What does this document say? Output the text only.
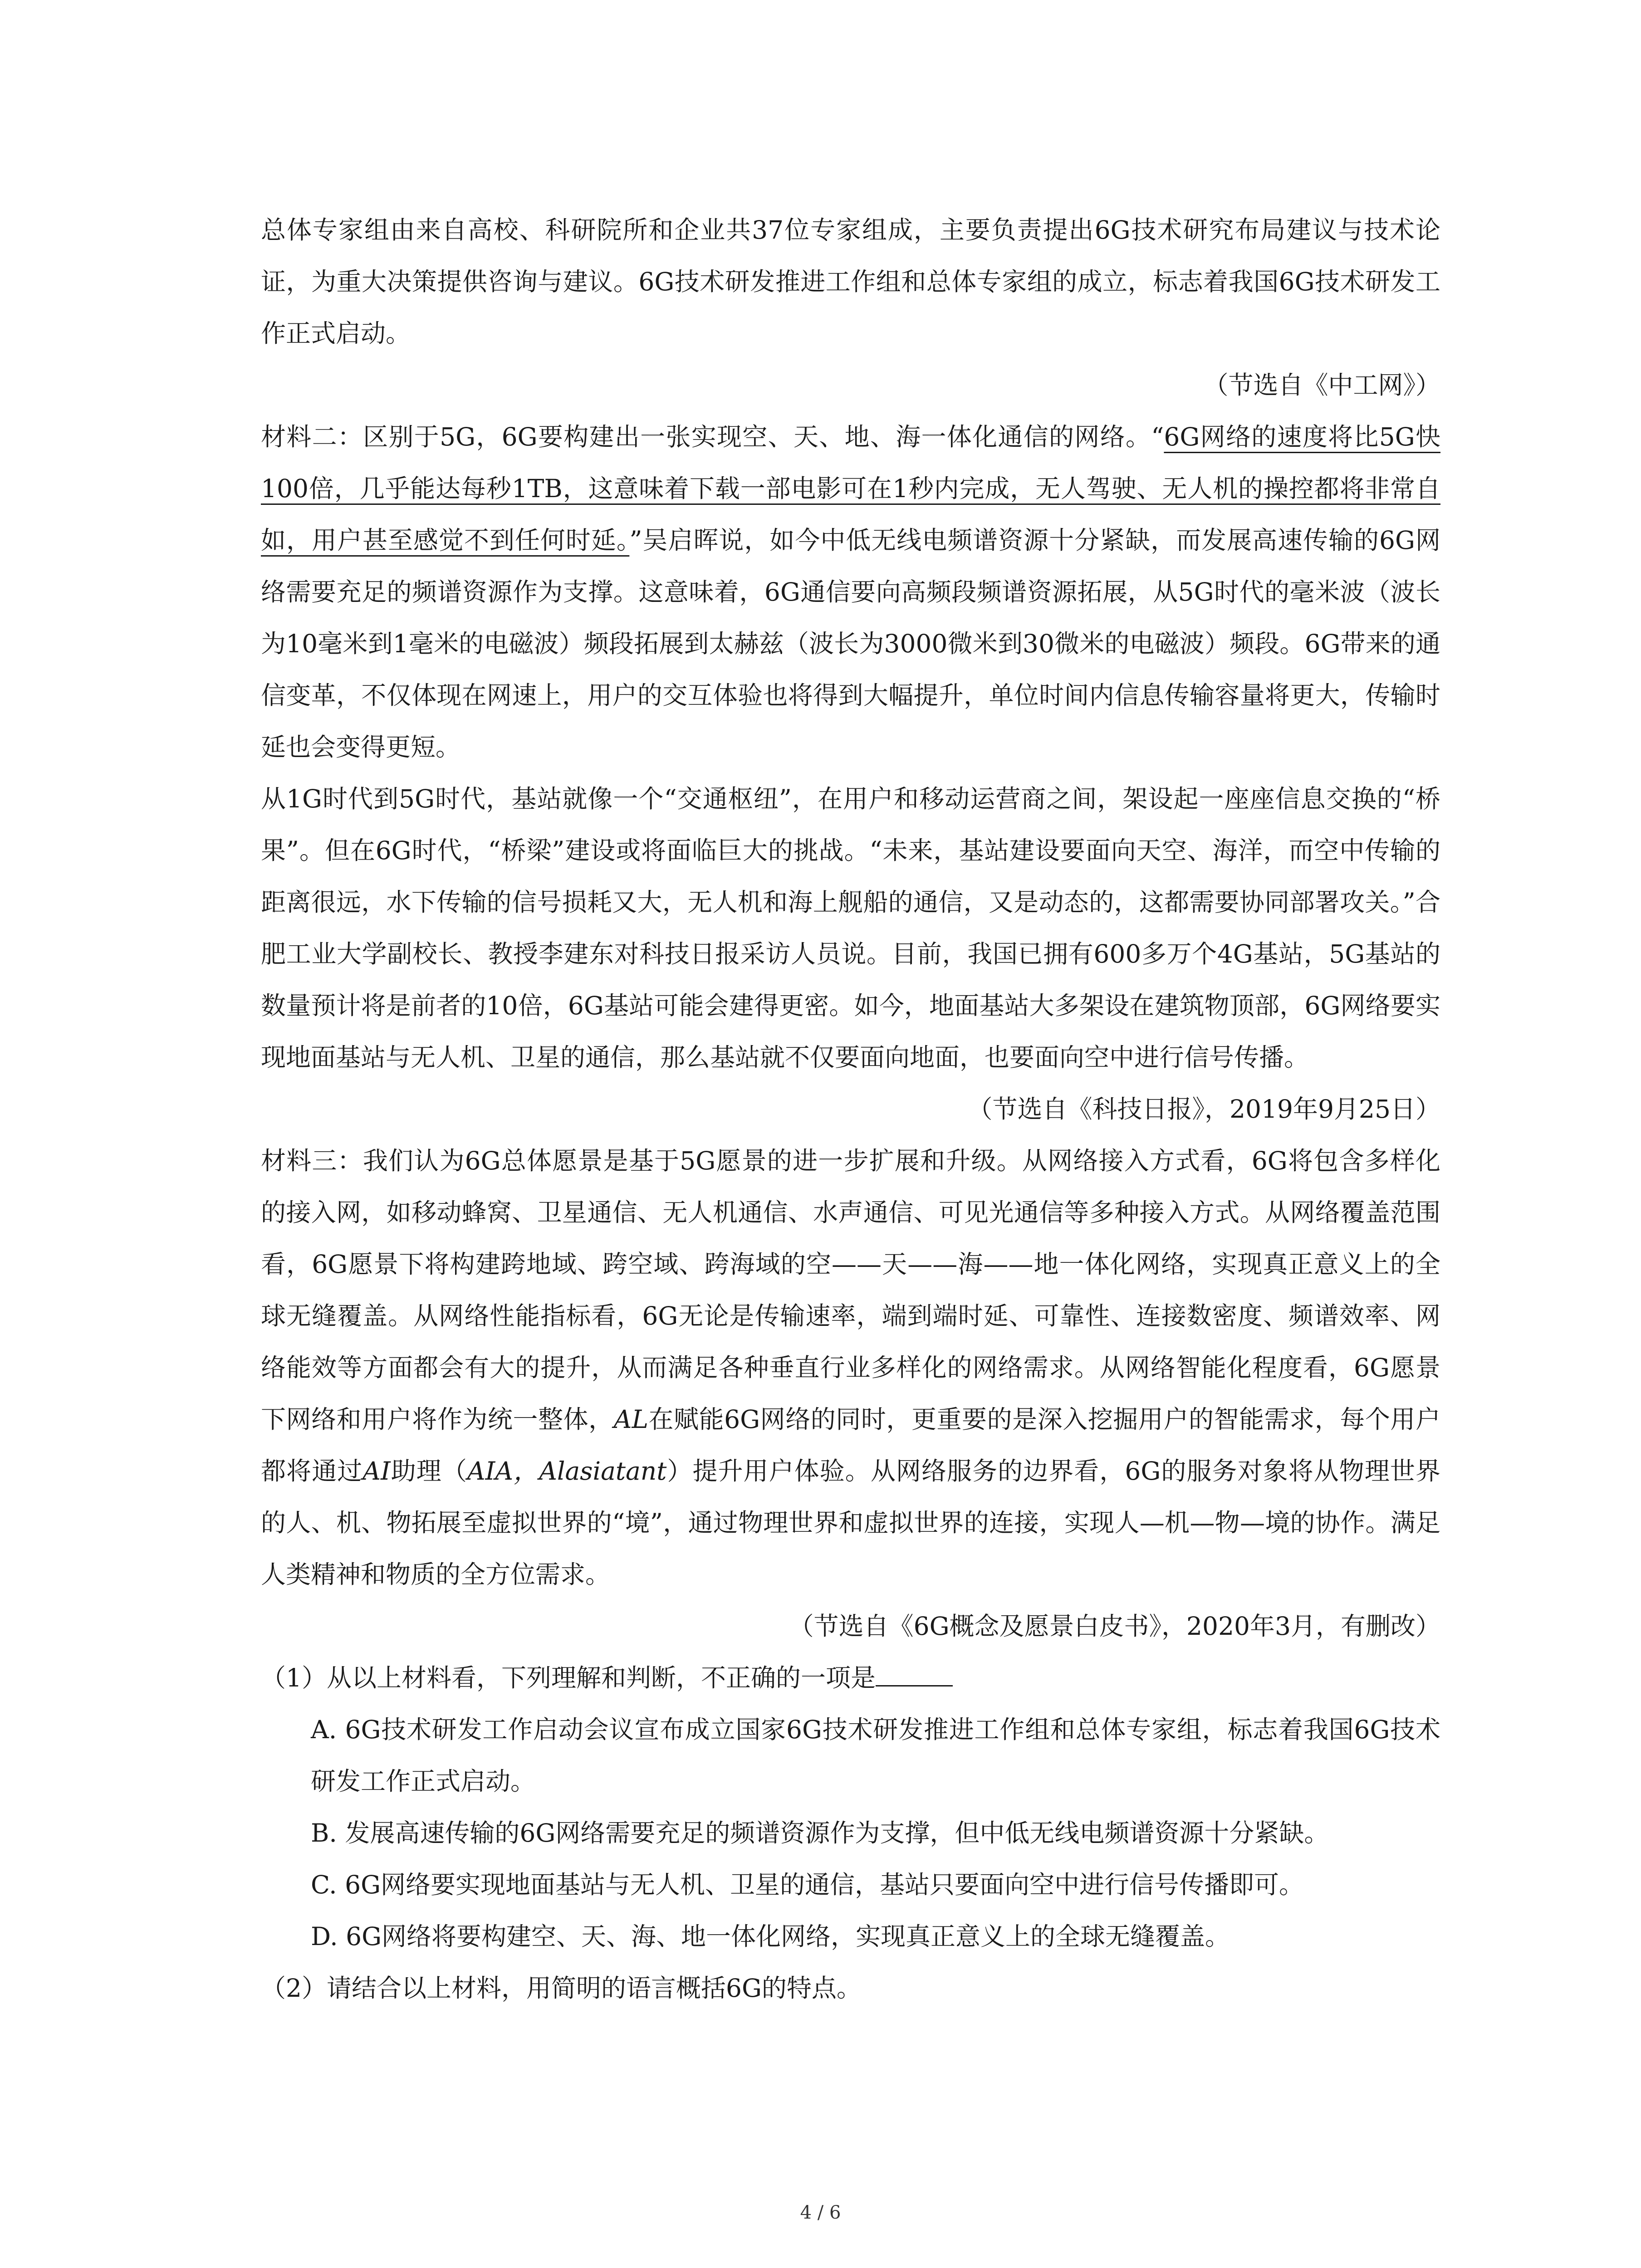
总体专家组由来自高校、科研院所和企业共37位专家组成，主要负责提出6G技术研究布局建议与技术论证，为重大决策提供咨询与建议。6G技术研发推进工作组和总体专家组的成立，标志着我国6G技术研发工作正式启动。

（节选自《中工网》）

材料二：区别于5G，6G要构建出一张实现空、天、地、海一体化通信的网络。“6G网络的速度将比5G快100倍，几乎能达每秒1TB，这意味着下载一部电影可在1秒内完成，无人驾驶、无人机的操控都将非常自如，用户甚至感觉不到任何时延。”吴启晖说，如今中低无线电频谱资源十分紧缺，而发展高速传输的6G网络需要充足的频谱资源作为支撑。这意味着，6G通信要向高频段频谱资源拓展，从5G时代的毫米波（波长为10毫米到1毫米的电磁波）频段拓展到太赫兹（波长为3000微米到30微米的电磁波）频段。6G带来的通信变革，不仅体现在网速上，用户的交互体验也将得到大幅提升，单位时间内信息传输容量将更大，传输时延也会变得更短。

从1G时代到5G时代，基站就像一个“交通枢纽”，在用户和移动运营商之间，架设起一座座信息交换的“桥果”。但在6G时代，“桥梁”建设或将面临巨大的挑战。“未来，基站建设要面向天空、海洋，而空中传输的距离很远，水下传输的信号损耗又大，无人机和海上舰船的通信，又是动态的，这都需要协同部署攻关。”合肥工业大学副校长、教授李建东对科技日报采访人员说。目前，我国已拥有600多万个4G基站，5G基站的数量预计将是前者的10倍，6G基站可能会建得更密。如今，地面基站大多架设在建筑物顶部，6G网络要实现地面基站与无人机、卫星的通信，那么基站就不仅要面向地面，也要面向空中进行信号传播。

（节选自《科技日报》，2019年9月25日）

材料三：我们认为6G总体愿景是基于5G愿景的进一步扩展和升级。从网络接入方式看，6G将包含多样化的接入网，如移动蜂窝、卫星通信、无人机通信、水声通信、可见光通信等多种接入方式。从网络覆盖范围看，6G愿景下将构建跨地域、跨空域、跨海域的空——天——海——地一体化网络，实现真正意义上的全球无缝覆盖。从网络性能指标看，6G无论是传输速率，端到端时延、可靠性、连接数密度、频谱效率、网络能效等方面都会有大的提升，从而满足各种垂直行业多样化的网络需求。从网络智能化程度看，6G愿景下网络和用户将作为统一整体，AL在赋能6G网络的同时，更重要的是深入挖掘用户的智能需求，每个用户都将通过AI助理（AIA，Alasiatant）提升用户体验。从网络服务的边界看，6G的服务对象将从物理世界的人、机、物拓展至虚拟世界的“境”，通过物理世界和虚拟世界的连接，实现人—机—物—境的协作。满足人类精神和物质的全方位需求。

（节选自《6G概念及愿景白皮书》，2020年3月，有删改）

（1）从以上材料看，下列理解和判断，不正确的一项是

A. 6G技术研发工作启动会议宣布成立国家6G技术研发推进工作组和总体专家组，标志着我国6G技术研发工作正式启动。

B. 发展高速传输的6G网络需要充足的频谱资源作为支撑，但中低无线电频谱资源十分紧缺。

C. 6G网络要实现地面基站与无人机、卫星的通信，基站只要面向空中进行信号传播即可。

D. 6G网络将要构建空、天、海、地一体化网络，实现真正意义上的全球无缝覆盖。

（2）请结合以上材料，用简明的语言概括6G的特点。

4 / 6
